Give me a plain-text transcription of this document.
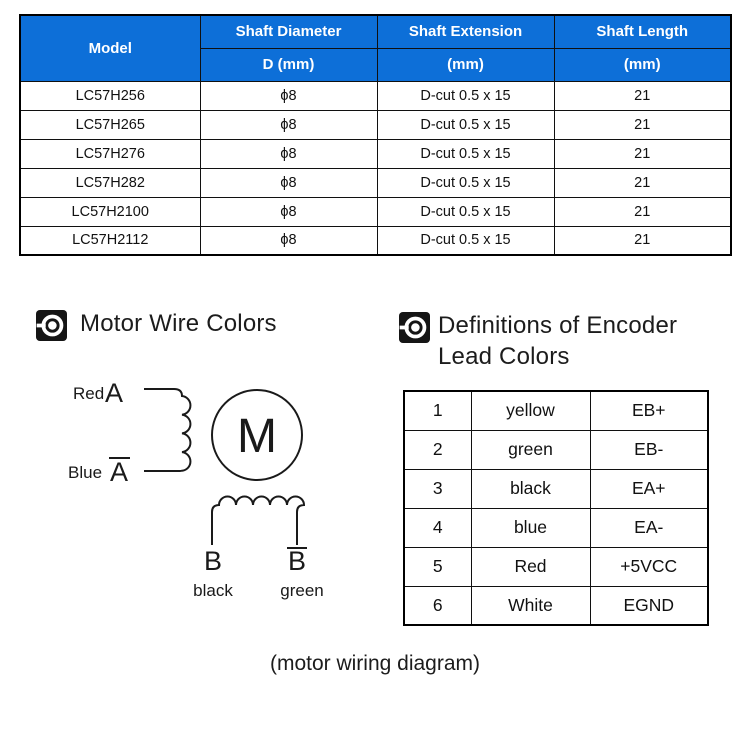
Model	Shaft Diameter	Shaft Extension	Shaft Length
	D (mm)	(mm)	(mm)
LC57H256	ϕ8	D-cut 0.5 x 15	21
LC57H265	ϕ8	D-cut 0.5 x 15	21
LC57H276	ϕ8	D-cut 0.5 x 15	21
LC57H282	ϕ8	D-cut 0.5 x 15	21
LC57H2100	ϕ8	D-cut 0.5 x 15	21
LC57H2112	ϕ8	D-cut 0.5 x 15	21
Motor Wire Colors	Definitions of Encoder Lead Colors
Red A
Blue A
M
B B
black	green
1	yellow	EB+
2	green	EB-
3	black	EA+
4	blue	EA-
5	Red	+5VCC
6	White	EGND
(motor wiring diagram)
